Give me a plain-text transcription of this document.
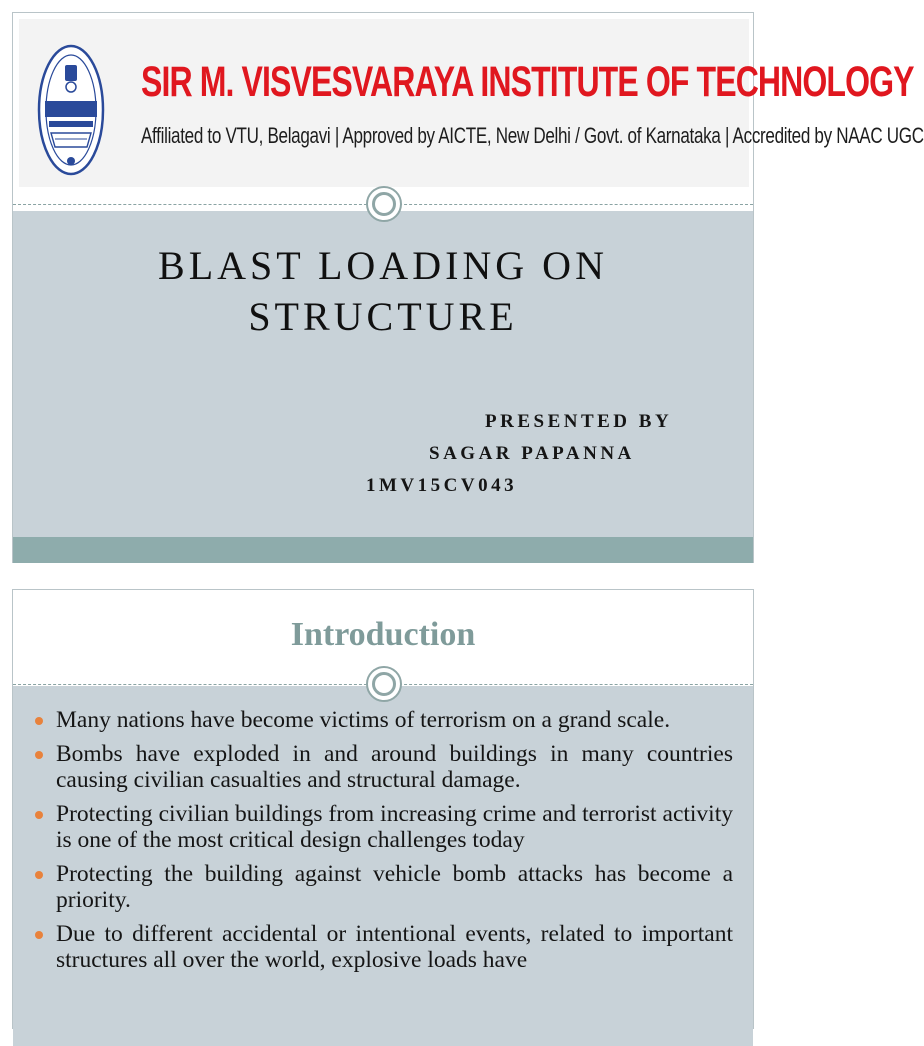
SIR M. VISVESVARAYA INSTITUTE OF TECHNOLOGY
Affiliated to VTU, Belagavi | Approved by AICTE, New Delhi / Govt. of Karnataka | Accredited by NAAC UGC
BLAST LOADING ON
STRUCTURE
PRESENTED BY
SAGAR PAPANNA
1MV15CV043
Introduction
Many nations have become victims of terrorism on a grand scale.
Bombs have exploded in and around buildings in many countries causing civilian casualties and structural damage.
Protecting civilian buildings from increasing crime and terrorist activity is one of the most critical design challenges today
Protecting the building against vehicle bomb attacks has become a priority.
Due to different accidental or intentional events, related to important structures all over the world, explosive loads have
